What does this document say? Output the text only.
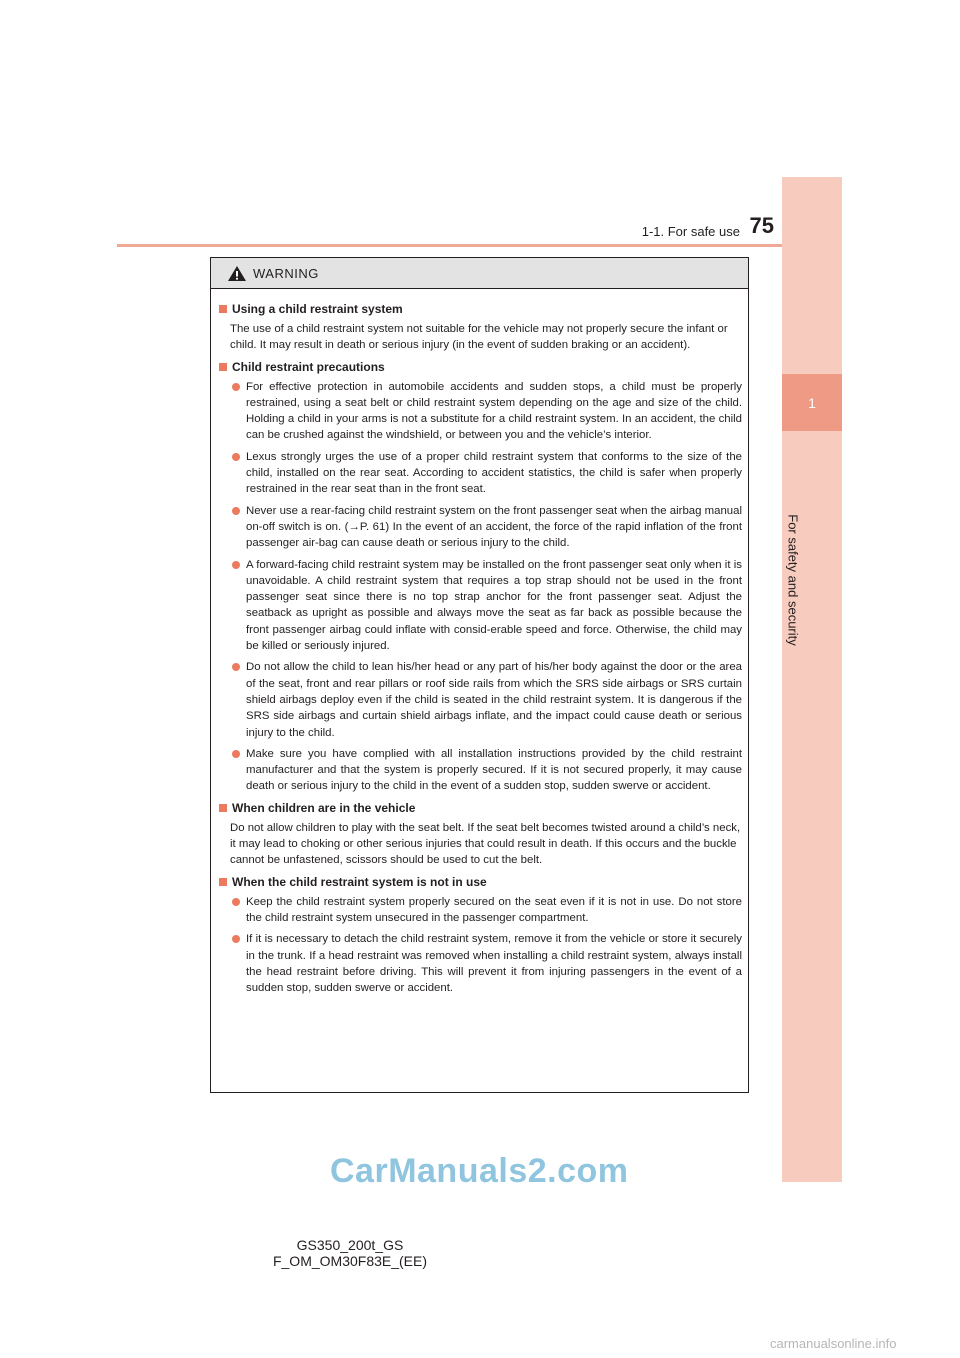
1
For safety and security
1-1. For safe use 75
WARNING
Using a child restraint system
The use of a child restraint system not suitable for the vehicle may not properly secure the infant or child. It may result in death or serious injury (in the event of sudden braking or an accident).
Child restraint precautions
For effective protection in automobile accidents and sudden stops, a child must be properly restrained, using a seat belt or child restraint system depending on the age and size of the child. Holding a child in your arms is not a substitute for a child restraint system. In an accident, the child can be crushed against the windshield, or between you and the vehicle’s interior.
Lexus strongly urges the use of a proper child restraint system that conforms to the size of the child, installed on the rear seat. According to accident statistics, the child is safer when properly restrained in the rear seat than in the front seat.
Never use a rear-facing child restraint system on the front passenger seat when the airbag manual on-off switch is on. (→P. 61) In the event of an accident, the force of the rapid inflation of the front passenger air-bag can cause death or serious injury to the child.
A forward-facing child restraint system may be installed on the front passenger seat only when it is unavoidable. A child restraint system that requires a top strap should not be used in the front passenger seat since there is no top strap anchor for the front passenger seat. Adjust the seatback as upright as possible and always move the seat as far back as possible because the front passenger airbag could inflate with consid-erable speed and force. Otherwise, the child may be killed or seriously injured.
Do not allow the child to lean his/her head or any part of his/her body against the door or the area of the seat, front and rear pillars or roof side rails from which the SRS side airbags or SRS curtain shield airbags deploy even if the child is seated in the child restraint system. It is dangerous if the SRS side airbags and curtain shield airbags inflate, and the impact could cause death or serious injury to the child.
Make sure you have complied with all installation instructions provided by the child restraint manufacturer and that the system is properly secured. If it is not secured properly, it may cause death or serious injury to the child in the event of a sudden stop, sudden swerve or accident.
When children are in the vehicle
Do not allow children to play with the seat belt. If the seat belt becomes twisted around a child’s neck, it may lead to choking or other serious injuries that could result in death. If this occurs and the buckle cannot be unfastened, scissors should be used to cut the belt.
When the child restraint system is not in use
Keep the child restraint system properly secured on the seat even if it is not in use. Do not store the child restraint system unsecured in the passenger compartment.
If it is necessary to detach the child restraint system, remove it from the vehicle or store it securely in the trunk. If a head restraint was removed when installing a child restraint system, always install the head restraint before driving. This will prevent it from injuring passengers in the event of a sudden stop, sudden swerve or accident.
CarManuals2.com
GS350_200t_GS F_OM_OM30F83E_(EE)
carmanualsonline.info
